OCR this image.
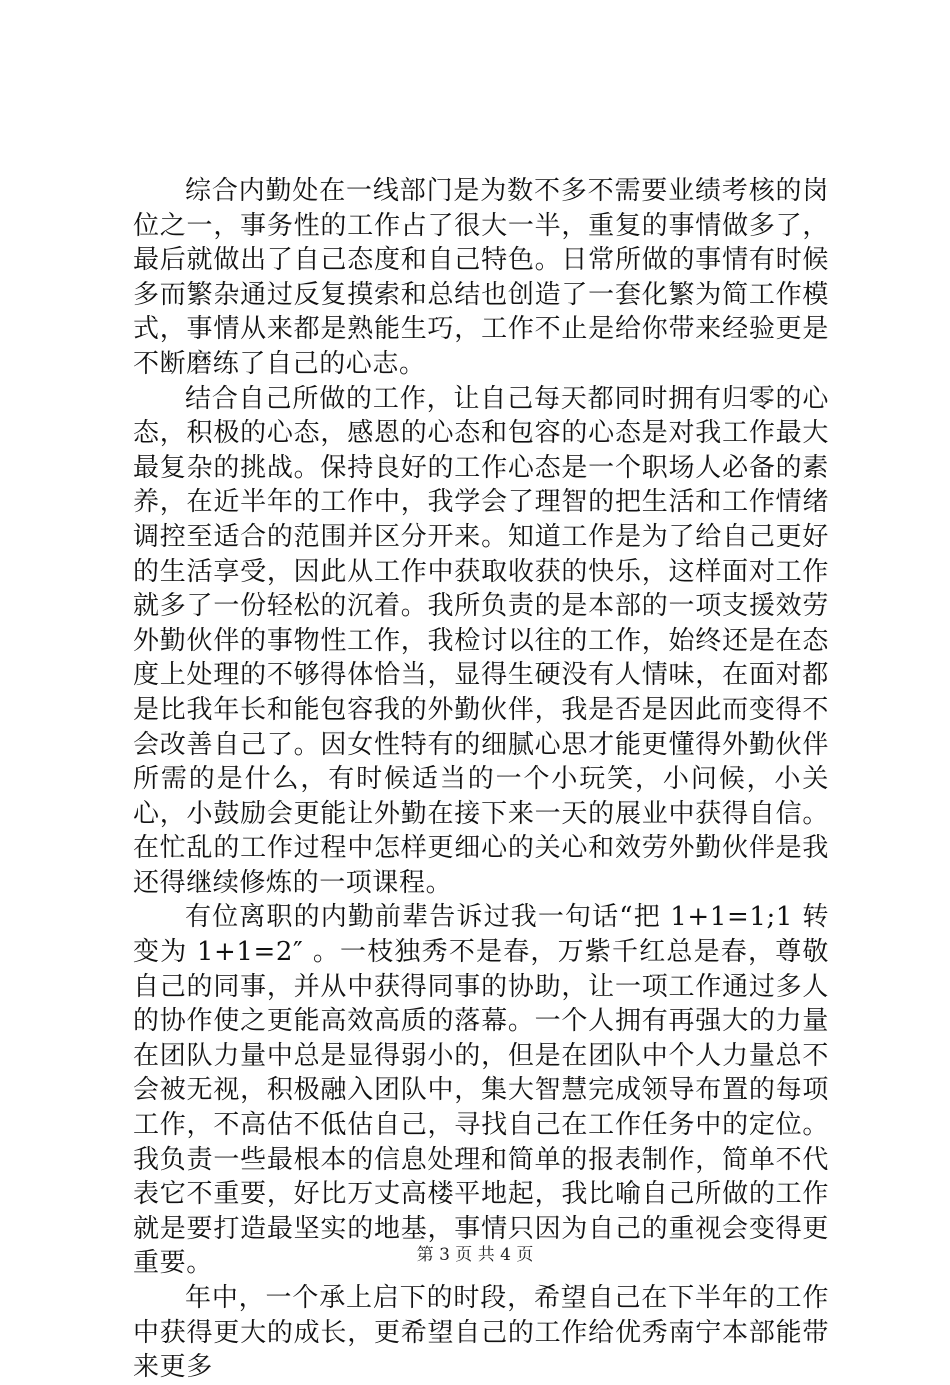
综合内勤处在一线部门是为数不多不需要业绩考核的岗位之一，事务性的工作占了很大一半，重复的事情做多了，最后就做出了自己态度和自己特色。日常所做的事情有时候多而繁杂通过反复摸索和总结也创造了一套化繁为简工作模式，事情从来都是熟能生巧，工作不止是给你带来经验更是不断磨练了自己的心志。

结合自己所做的工作，让自己每天都同时拥有归零的心态，积极的心态，感恩的心态和包容的心态是对我工作最大最复杂的挑战。保持良好的工作心态是一个职场人必备的素养，在近半年的工作中，我学会了理智的把生活和工作情绪调控至适合的范围并区分开来。知道工作是为了给自己更好的生活享受，因此从工作中获取收获的快乐，这样面对工作就多了一份轻松的沉着。我所负责的是本部的一项支援效劳外勤伙伴的事物性工作，我检讨以往的工作，始终还是在态度上处理的不够得体恰当，显得生硬没有人情味，在面对都是比我年长和能包容我的外勤伙伴，我是否是因此而变得不会改善自己了。因女性特有的细腻心思才能更懂得外勤伙伴所需的是什么，有时候适当的一个小玩笑，小问候，小关心，小鼓励会更能让外勤在接下来一天的展业中获得自信。在忙乱的工作过程中怎样更细心的关心和效劳外勤伙伴是我还得继续修炼的一项课程。

有位离职的内勤前辈告诉过我一句话“把 1+1=1;1 转变为 1+1=2″ 。一枝独秀不是春，万紫千红总是春，尊敬自己的同事，并从中获得同事的协助，让一项工作通过多人的协作使之更能高效高质的落幕。一个人拥有再强大的力量在团队力量中总是显得弱小的，但是在团队中个人力量总不会被无视，积极融入团队中，集大智慧完成领导布置的每项工作，不高估不低估自己，寻找自己在工作任务中的定位。我负责一些最根本的信息处理和简单的报表制作，简单不代表它不重要，好比万丈高楼平地起，我比喻自己所做的工作就是要打造最坚实的地基，事情只因为自己的重视会变得更重要。

年中，一个承上启下的时段，希望自己在下半年的工作中获得更大的成长，更希望自己的工作给优秀南宁本部能带来更多

第 3 页 共 4 页
